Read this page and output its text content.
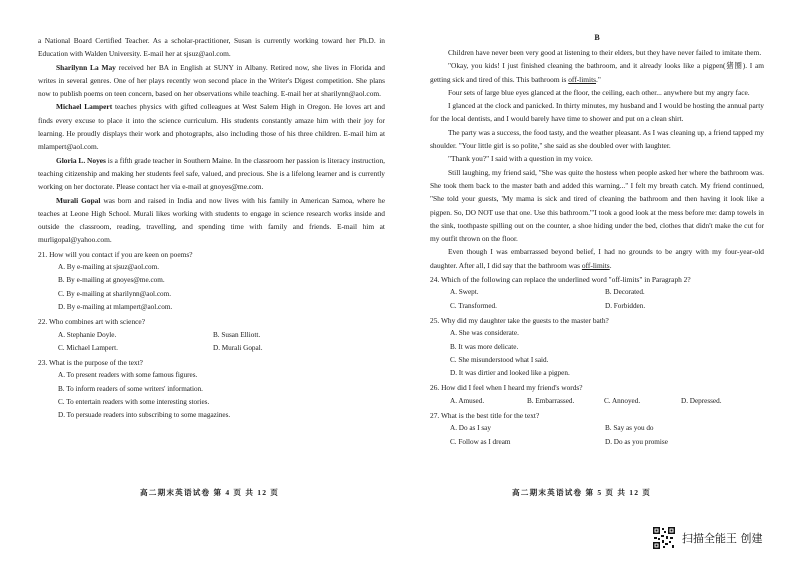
a National Board Certified Teacher. As a scholar-practitioner, Susan is currently working toward her Ph.D. in Education with Walden University. E-mail her at sjsuz@aol.com.

Sharilynn La May received her BA in English at SUNY in Albany. Retired now, she lives in Florida and writes in several genres. One of her plays recently won second place in the Writer's Digest competition. She plans now to publish poems on teen concern, based on her observations while teaching. E-mail her at sharilynn@aol.com.

Michael Lampert teaches physics with gifted colleagues at West Salem High in Oregon. He loves art and finds every excuse to place it into the science curriculum. His students constantly amaze him with their joy for learning. He proudly displays their work and photographs, also including those of his three children. E-mail him at mlampert@aol.com.

Gloria L. Noyes is a fifth grade teacher in Southern Maine. In the classroom her passion is literacy instruction, teaching citizenship and making her students feel safe, valued, and precious. She is a lifelong learner and is currently working on her doctorate. Please contact her via e-mail at gnoyes@me.com.

Murali Gopal was born and raised in India and now lives with his family in American Samoa, where he teaches at Leone High School. Murali likes working with students to engage in science research works inside and outside the classroom, reading, travelling, and spending time with family and friends. E-mail him at murligopal@yahoo.com.

21. How will you contact if you are keen on poems?

A. By e-mailing at sjsuz@aol.com.

B. By e-mailing at gnoyes@me.com.

C. By e-mailing at sharilynn@aol.com.

D. By e-mailing at mlampert@aol.com.

22. Who combines art with science?

A. Stephanie Doyle.	B. Susan Elliott.
C. Michael Lampert.	D. Murali Gopal.

23. What is the purpose of the text?

A. To present readers with some famous figures.

B. To inform readers of some writers' information.

C. To entertain readers with some interesting stories.

D. To persuade readers into subscribing to some magazines.

高二期末英语试卷 第 4 页 共 12 页

B

Children have never been very good at listening to their elders, but they have never failed to imitate them.

"Okay, you kids! I just finished cleaning the bathroom, and it already looks like a pigpen(猪圈). I am getting sick and tired of this. This bathroom is off-limits."

Four sets of large blue eyes glanced at the floor, the ceiling, each other... anywhere but my angry face.

I glanced at the clock and panicked. In thirty minutes, my husband and I would be hosting the annual party for the local dentists, and I would barely have time to shower and put on a clean shirt.

The party was a success, the food tasty, and the weather pleasant. As I was cleaning up, a friend tapped my shoulder. "Your little girl is so polite," she said as she doubled over with laughter.

"Thank you?" I said with a question in my voice.

Still laughing, my friend said, "She was quite the hostess when people asked her where the bathroom was. She took them back to the master bath and added this warning..." I felt my breath catch. My friend continued, "She told your guests, 'My mama is sick and tired of cleaning the bathroom and then having it look like a pigpen. So, DO NOT use that one. Use this bathroom.'"I took a good look at the mess before me: damp towels in the sink, toothpaste spilling out on the counter, a shoe hiding under the bed, clothes that didn't make the cut for my outfit thrown on the floor.

Even though I was embarrassed beyond belief, I had no grounds to be angry with my four-year-old daughter. After all, I did say that the bathroom was off-limits.

24. Which of the following can replace the underlined word "off-limits" in Paragraph 2?

A. Swept.	B. Decorated.
C. Transformed.	D. Forbidden.

25. Why did my daughter take the guests to the master bath?

A. She was considerate.

B. It was more delicate.

C. She misunderstood what I said.

D. It was dirtier and looked like a pigpen.

26. How did I feel when I heard my friend's words?

A. Amused.	B. Embarrassed.	C. Annoyed.	D. Depressed.

27. What is the best title for the text?

A. Do as I say	B. Say as you do
C. Follow as I dream	D. Do as you promise
高二期末英语试卷 第 5 页 共 12 页
扫描全能王 创建
